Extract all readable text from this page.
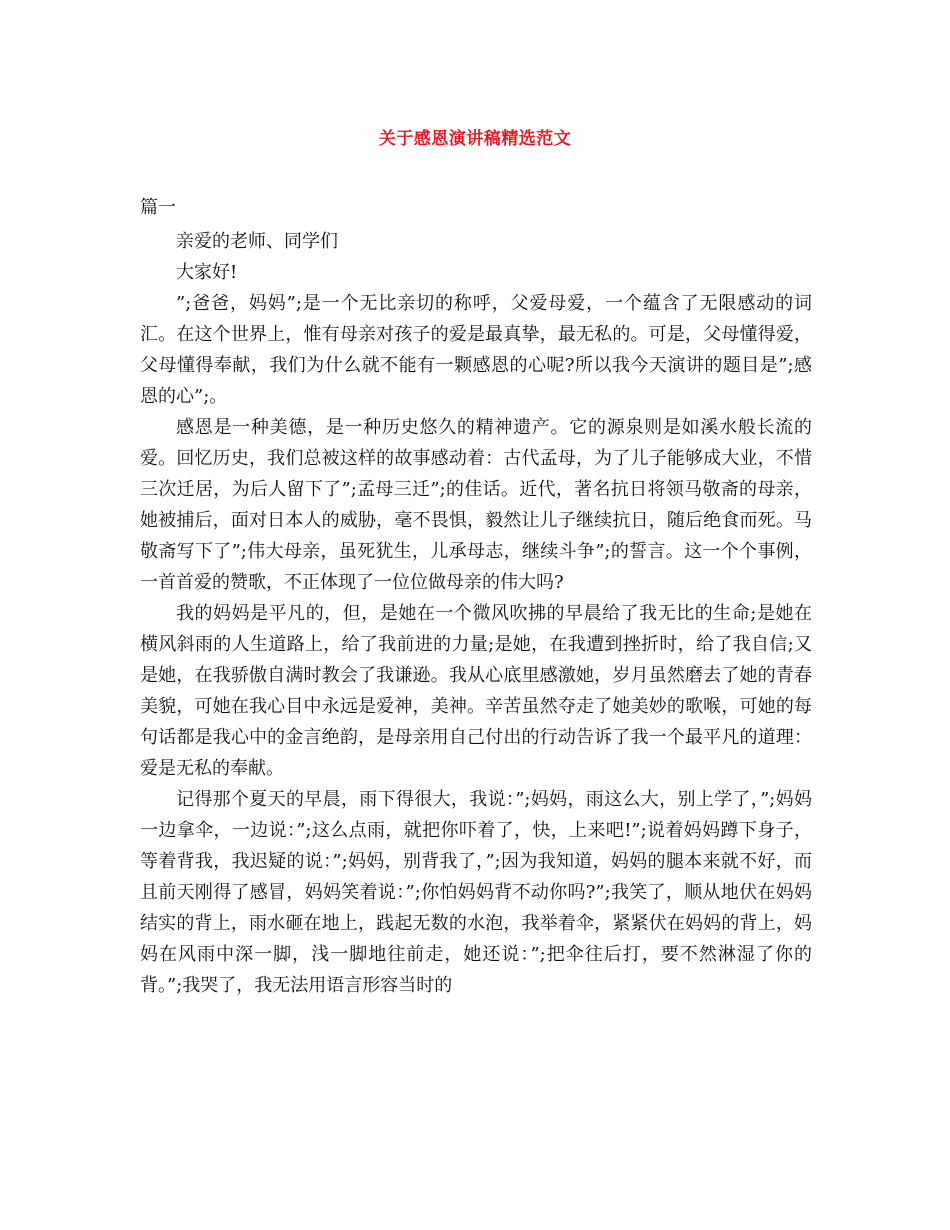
关于感恩演讲稿精选范文
篇一

亲爱的老师、同学们

大家好!

”;爸爸，妈妈”;是一个无比亲切的称呼，父爱母爱，一个蕴含了无限感动的词汇。在这个世界上，惟有母亲对孩子的爱是最真挚，最无私的。可是，父母懂得爱，父母懂得奉献，我们为什么就不能有一颗感恩的心呢?所以我今天演讲的题目是”;感恩的心”;。

感恩是一种美德，是一种历史悠久的精神遗产。它的源泉则是如溪水般长流的爱。回忆历史，我们总被这样的故事感动着：古代孟母，为了儿子能够成大业，不惜三次迁居，为后人留下了”;孟母三迁”;的佳话。近代，著名抗日将领马敬斋的母亲，她被捕后，面对日本人的威胁，毫不畏惧，毅然让儿子继续抗日，随后绝食而死。马敬斋写下了”;伟大母亲，虽死犹生，儿承母志，继续斗争”;的誓言。这一个个事例，一首首爱的赞歌，不正体现了一位位做母亲的伟大吗?

我的妈妈是平凡的，但，是她在一个微风吹拂的早晨给了我无比的生命;是她在横风斜雨的人生道路上，给了我前进的力量;是她，在我遭到挫折时，给了我自信;又是她，在我骄傲自满时教会了我谦逊。我从心底里感激她，岁月虽然磨去了她的青春美貌，可她在我心目中永远是爱神，美神。辛苦虽然夺走了她美妙的歌喉，可她的每句话都是我心中的金言绝韵，是母亲用自己付出的行动告诉了我一个最平凡的道理：爱是无私的奉献。

记得那个夏天的早晨，雨下得很大，我说：”;妈妈，雨这么大，别上学了，”;妈妈一边拿伞，一边说：”;这么点雨，就把你吓着了，快，上来吧!”;说着妈妈蹲下身子，等着背我，我迟疑的说：”;妈妈，别背我了，”;因为我知道，妈妈的腿本来就不好，而且前天刚得了感冒，妈妈笑着说：”;你怕妈妈背不动你吗?”;我笑了，顺从地伏在妈妈结实的背上，雨水砸在地上，践起无数的水泡，我举着伞，紧紧伏在妈妈的背上，妈妈在风雨中深一脚，浅一脚地往前走，她还说：”;把伞往后打，要不然淋湿了你的背。”;我哭了，我无法用语言形容当时的
